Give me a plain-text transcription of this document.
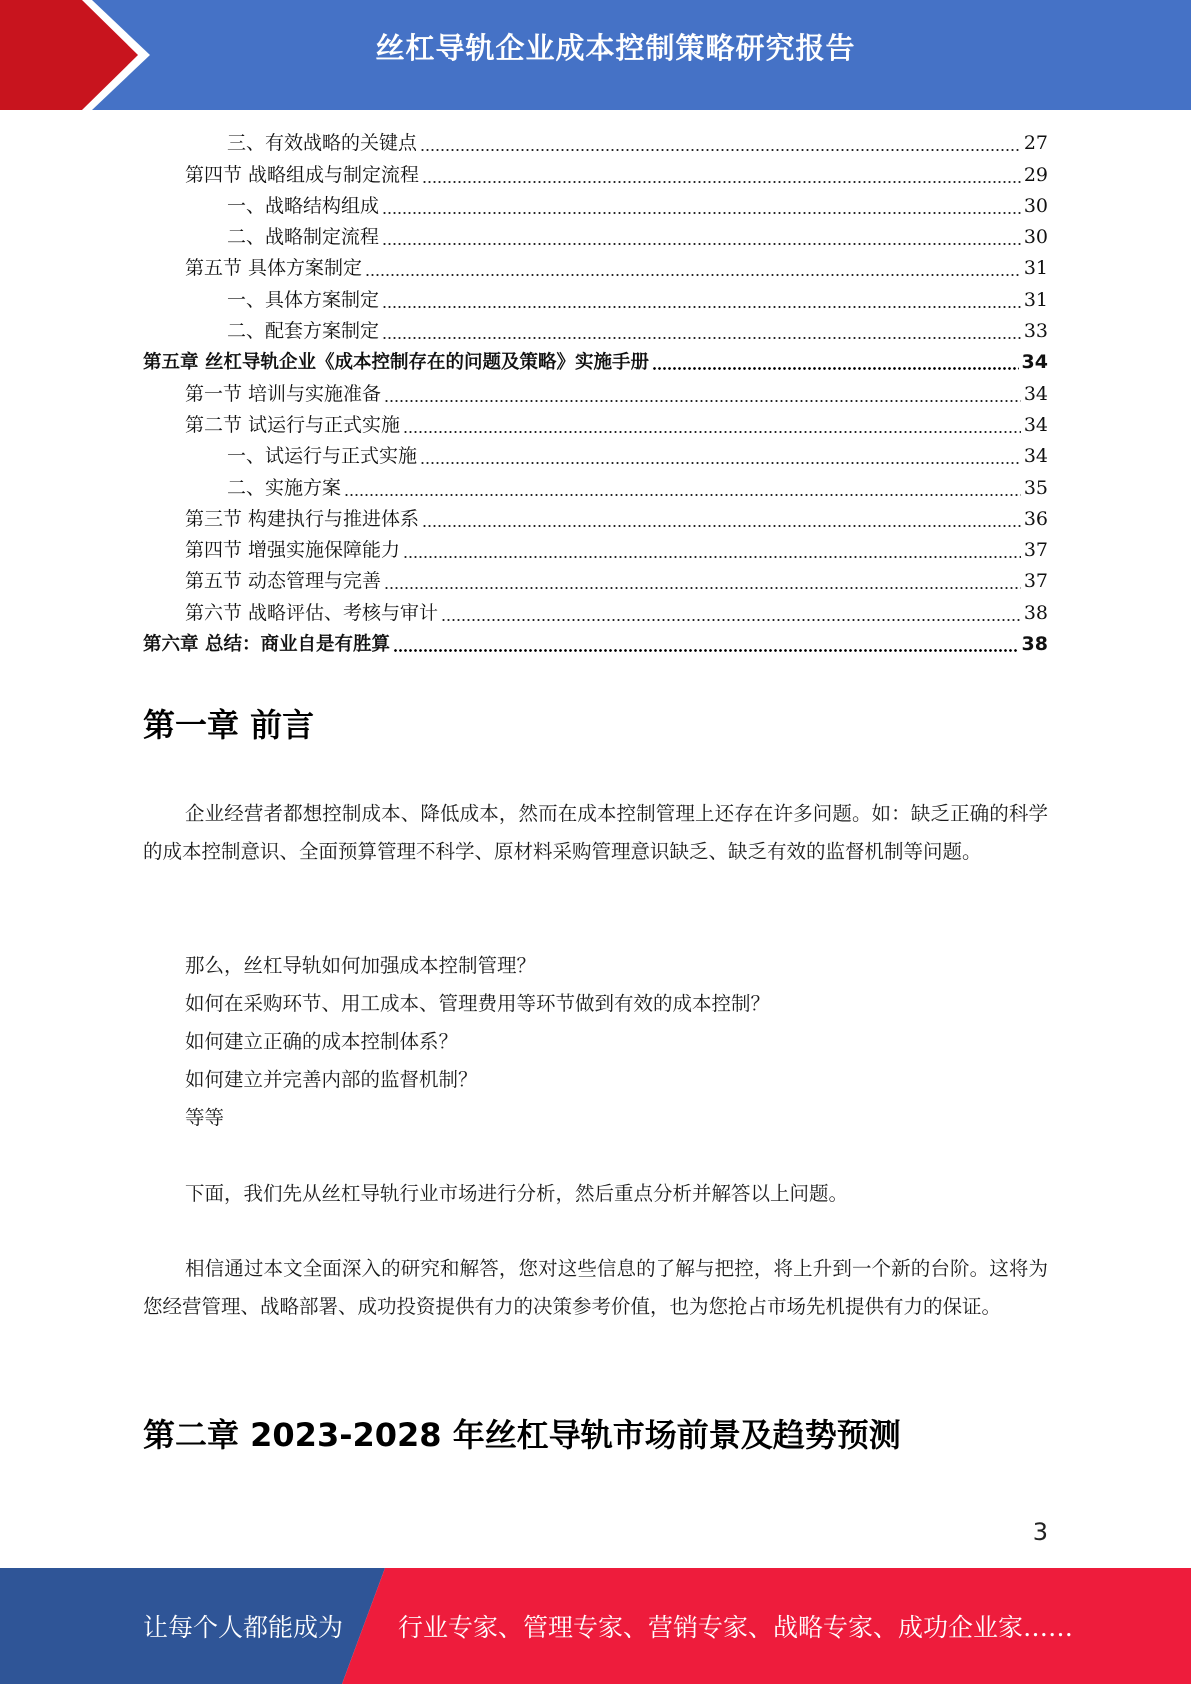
丝杠导轨企业成本控制策略研究报告
三、有效战略的关键点	27
第四节 战略组成与制定流程	29
一、战略结构组成	30
二、战略制定流程	30
第五节 具体方案制定	31
一、具体方案制定	31
二、配套方案制定	33
第五章 丝杠导轨企业《成本控制存在的问题及策略》实施手册	34
第一节 培训与实施准备	34
第二节 试运行与正式实施	34
一、试运行与正式实施	34
二、实施方案	35
第三节 构建执行与推进体系	36
第四节 增强实施保障能力	37
第五节 动态管理与完善	37
第六节 战略评估、考核与审计	38
第六章 总结：商业自是有胜算	38
第一章 前言
企业经营者都想控制成本、降低成本，然而在成本控制管理上还存在许多问题。如：缺乏正确的科学的成本控制意识、全面预算管理不科学、原材料采购管理意识缺乏、缺乏有效的监督机制等问题。
那么，丝杠导轨如何加强成本控制管理？
如何在采购环节、用工成本、管理费用等环节做到有效的成本控制？
如何建立正确的成本控制体系？
如何建立并完善内部的监督机制？
等等
下面，我们先从丝杠导轨行业市场进行分析，然后重点分析并解答以上问题。
相信通过本文全面深入的研究和解答，您对这些信息的了解与把控，将上升到一个新的台阶。这将为您经营管理、战略部署、成功投资提供有力的决策参考价值，也为您抢占市场先机提供有力的保证。
第二章 2023-2028 年丝杠导轨市场前景及趋势预测
3
让每个人都能成为 行业专家、管理专家、营销专家、战略专家、成功企业家……
